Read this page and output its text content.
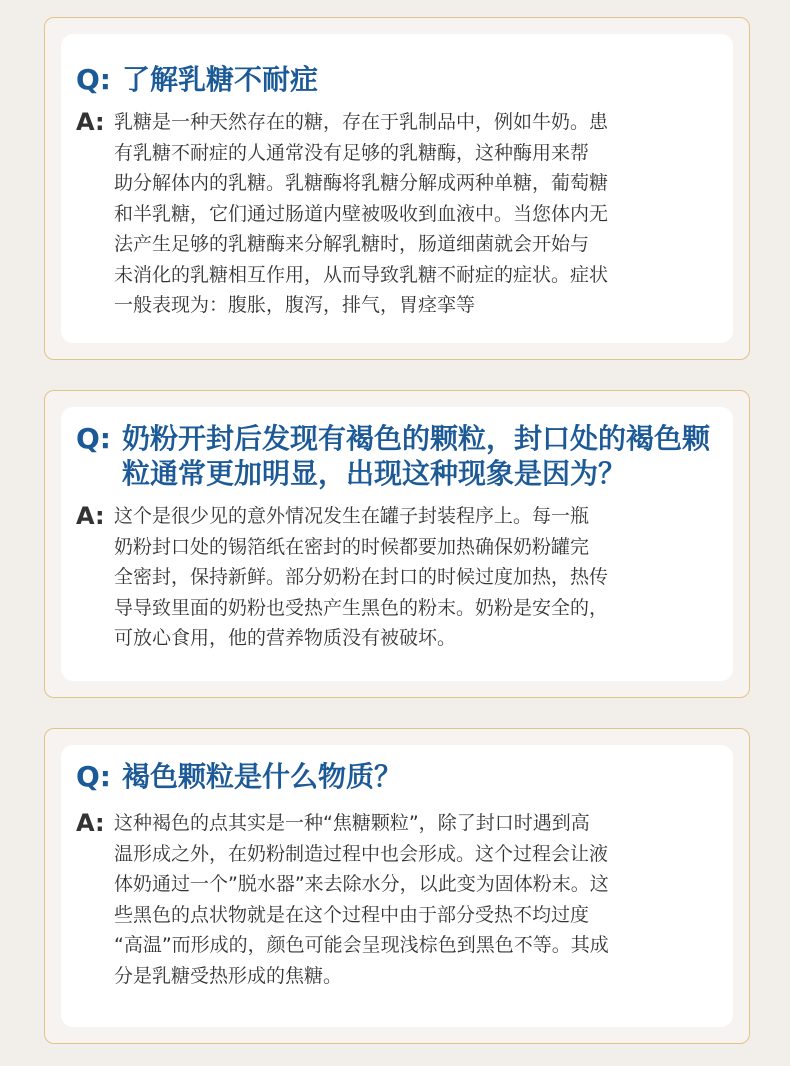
Q: 了解乳糖不耐症
A: 乳糖是一种天然存在的糖，存在于乳制品中，例如牛奶。患
有乳糖不耐症的人通常没有足够的乳糖酶，这种酶用来帮
助分解体内的乳糖。乳糖酶将乳糖分解成两种单糖，葡萄糖
和半乳糖，它们通过肠道内壁被吸收到血液中。当您体内无
法产生足够的乳糖酶来分解乳糖时，肠道细菌就会开始与
未消化的乳糖相互作用，从而导致乳糖不耐症的症状。症状
一般表现为：腹胀，腹泻，排气，胃痉挛等
Q: 奶粉开封后发现有褐色的颗粒，封口处的褐色颗
粒通常更加明显，出现这种现象是因为？
A: 这个是很少见的意外情况发生在罐子封装程序上。每一瓶
奶粉封口处的锡箔纸在密封的时候都要加热确保奶粉罐完
全密封，保持新鲜。部分奶粉在封口的时候过度加热，热传
导导致里面的奶粉也受热产生黑色的粉末。奶粉是安全的，
可放心食用，他的营养物质没有被破坏。
Q: 褐色颗粒是什么物质？
A: 这种褐色的点其实是一种“焦糖颗粒”，除了封口时遇到高
温形成之外，在奶粉制造过程中也会形成。这个过程会让液
体奶通过一个”脱水器”来去除水分，以此变为固体粉末。这
些黑色的点状物就是在这个过程中由于部分受热不均过度
“高温”而形成的，颜色可能会呈现浅棕色到黑色不等。其成
分是乳糖受热形成的焦糖。
